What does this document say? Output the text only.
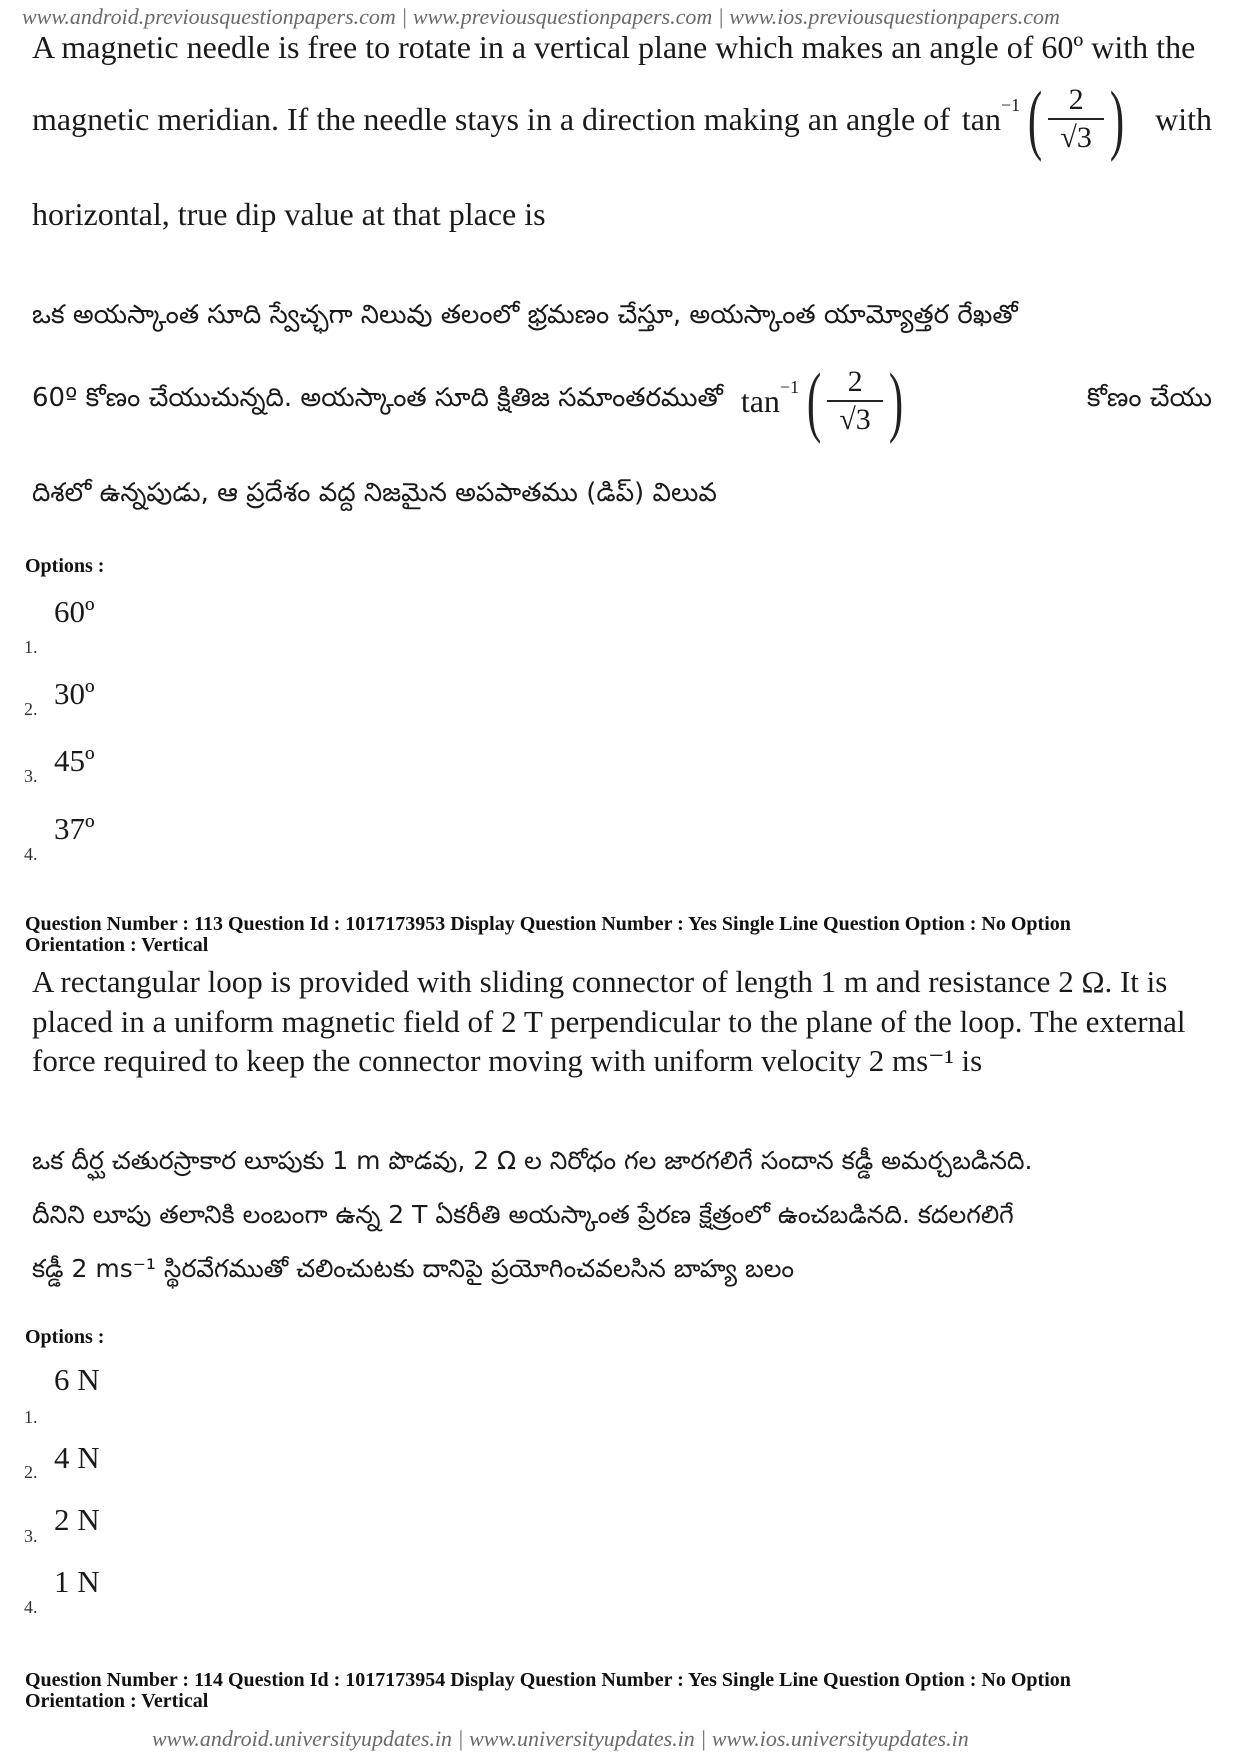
www.android.previousquestionpapers.com | www.previousquestionpapers.com | www.ios.previousquestionpapers.com
A magnetic needle is free to rotate in a vertical plane which makes an angle of 60º with the
magnetic meridian. If the needle stays in a direction making an angle of tan −1 ( $\frac{2}{√3}$ ) with
horizontal, true dip value at that place is
ఒక అయస్కాంత సూది స్వేచ్ఛగా నిలువు తలంలో భ్రమణం చేస్తూ, అయస్కాంత యామ్యోత్తర రేఖతో
60º కోణం చేయుచున్నది. అయస్కాంత సూది క్షితిజ సమాంతరముతో tan −1 ( $\frac{2}{√3}$ )	కోణం చేయు
దిశలో ఉన్నపుడు, ఆ ప్రదేశం వద్ద నిజమైన అపపాతము (డిప్) విలువ
Options :
60º
1.
30º
2.
45º
3.
37º
4.
Question Number : 113 Question Id : 1017173953 Display Question Number : Yes Single Line Question Option : No Option
Orientation : Vertical
A rectangular loop is provided with sliding connector of length 1 m and resistance 2 Ω. It is
placed in a uniform magnetic field of 2 T perpendicular to the plane of the loop. The external
force required to keep the connector moving with uniform velocity 2 ms⁻¹ is
ఒక దీర్ఘ చతురస్రాకార లూపుకు 1 m పొడవు, 2 Ω ల నిరోధం గల జారగలిగే సందాన కడ్డీ అమర్చబడినది.
దీనిని లూపు తలానికి లంబంగా ఉన్న 2 T ఏకరీతి అయస్కాంత ప్రేరణ క్షేత్రంలో ఉంచబడినది. కదలగలిగే
కడ్డీ 2 ms⁻¹ స్థిరవేగముతో చలించుటకు దానిపై ప్రయోగించవలసిన బాహ్య బలం
Options :
6 N
1.
4 N
2.
2 N
3.
1 N
4.
Question Number : 114 Question Id : 1017173954 Display Question Number : Yes Single Line Question Option : No Option
Orientation : Vertical
www.android.universityupdates.in | www.universityupdates.in | www.ios.universityupdates.in
